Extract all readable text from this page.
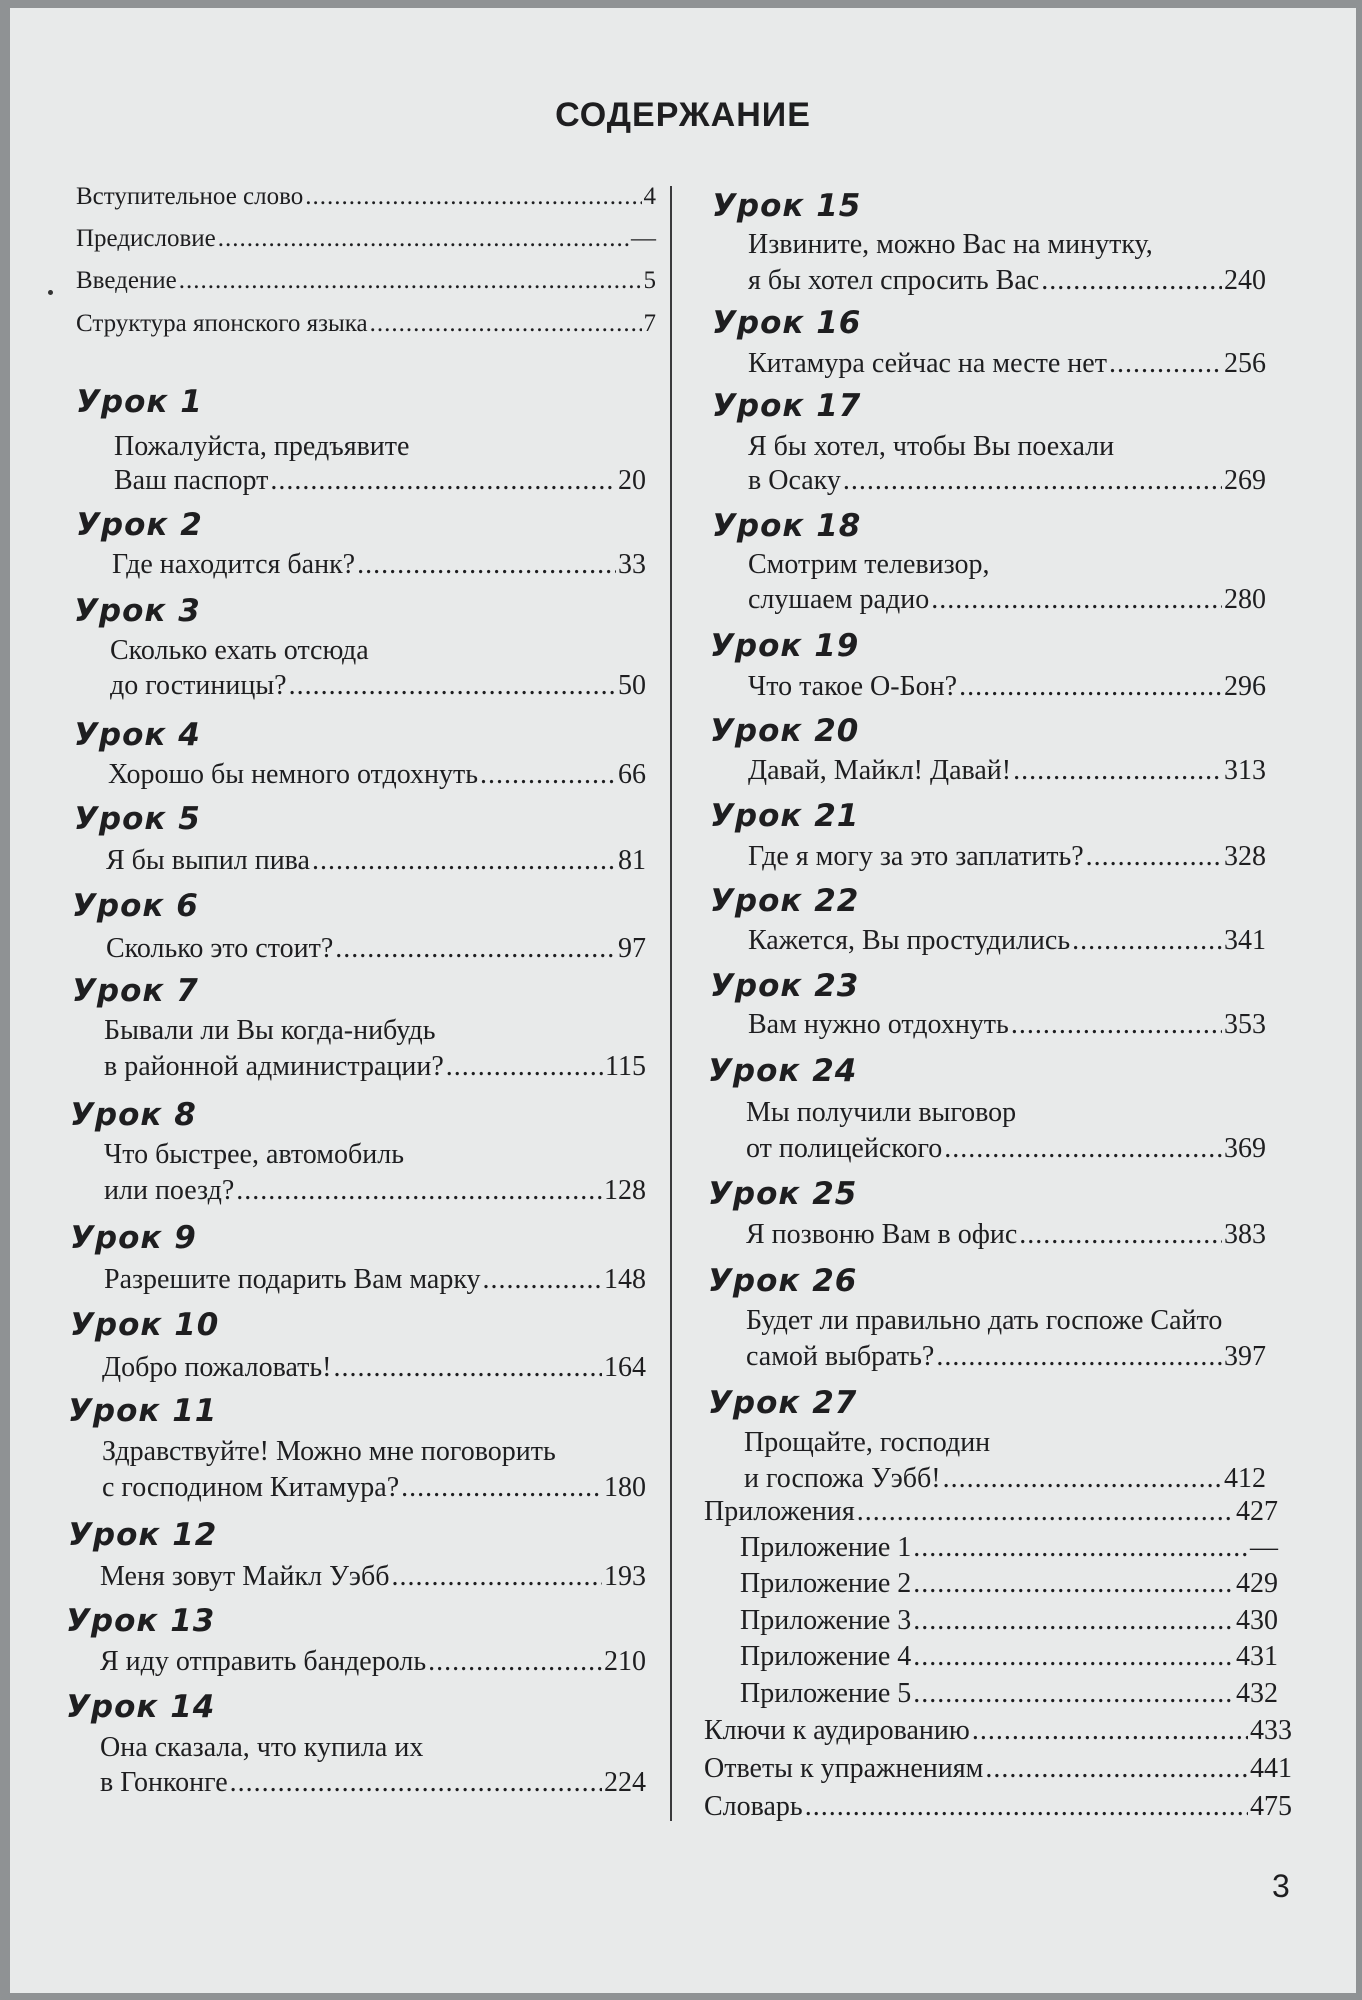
СОДЕРЖАНИЕ
Вступительное слово .....	4
Предисловие .....	—
Введение .....	5
Структура японского языка .....	7
Урок 1
Пожалуйста, предъявите
Ваш паспорт .....	20
Урок 2
Где находится банк? .....	33
Урок 3
Сколько ехать отсюда
до гостиницы? .....	50
Урок 4
Хорошо бы немного отдохнуть .....	66
Урок 5
Я бы выпил пива .....	81
Урок 6
Сколько это стоит? .....	97
Урок 7
Бывали ли Вы когда-нибудь
в районной администрации? .....	115
Урок 8
Что быстрее, автомобиль
или поезд? .....	128
Урок 9
Разрешите подарить Вам марку .....	148
Урок 10
Добро пожаловать! .....	164
Урок 11
Здравствуйте! Можно мне поговорить
с господином Китамура? .....	180
Урок 12
Меня зовут Майкл Уэбб .....	193
Урок 13
Я иду отправить бандероль .....	210
Урок 14
Она сказала, что купила их
в Гонконге .....	224
Урок 15
Извините, можно Вас на минутку,
я бы хотел спросить Вас .....	240
Урок 16
Китамура сейчас на месте нет .....	256
Урок 17
Я бы хотел, чтобы Вы поехали
в Осаку .....	269
Урок 18
Смотрим телевизор,
слушаем радио .....	280
Урок 19
Что такое О-Бон? .....	296
Урок 20
Давай, Майкл! Давай! .....	313
Урок 21
Где я могу за это заплатить? .....	328
Урок 22
Кажется, Вы простудились .....	341
Урок 23
Вам нужно отдохнуть .....	353
Урок 24
Мы получили выговор
от полицейского .....	369
Урок 25
Я позвоню Вам в офис .....	383
Урок 26
Будет ли правильно дать госпоже Сайто
самой выбрать? .....	397
Урок 27
Прощайте, господин
и госпожа Уэбб! .....	412
Приложения .....	427
Приложение 1 .....	—
Приложение 2 .....	429
Приложение 3 .....	430
Приложение 4 .....	431
Приложение 5 .....	432
Ключи к аудированию .....	433
Ответы к упражнениям .....	441
Словарь .....	475
3
